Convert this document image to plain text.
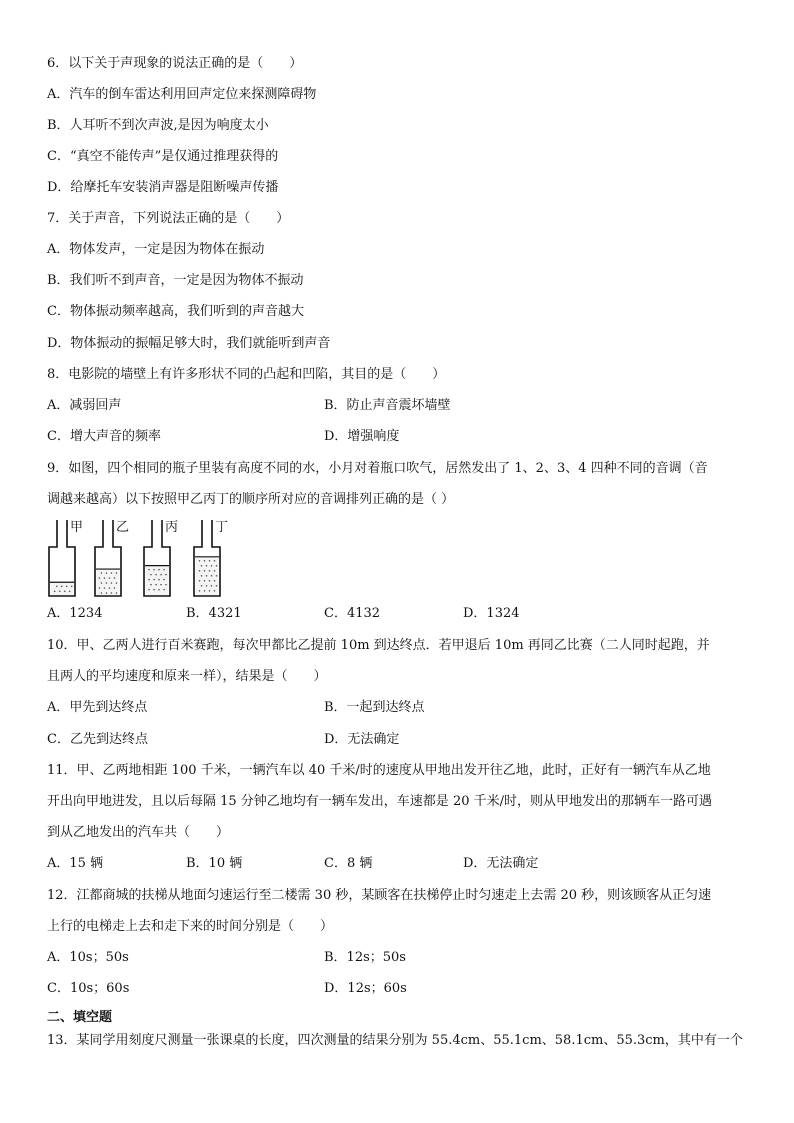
6．以下关于声现象的说法正确的是（　　）
A．汽车的倒车雷达利用回声定位来探测障碍物
B．人耳听不到次声波,是因为响度太小
C．“真空不能传声”是仅通过推理获得的
D．给摩托车安装消声器是阻断噪声传播
7．关于声音，下列说法正确的是（　　）
A．物体发声，一定是因为物体在振动
B．我们听不到声音，一定是因为物体不振动
C．物体振动频率越高，我们听到的声音越大
D．物体振动的振幅足够大时，我们就能听到声音
8．电影院的墙壁上有许多形状不同的凸起和凹陷，其目的是（　　）
A．减弱回声	B．防止声音震坏墙壁
C．增大声音的频率	D．增强响度
9．如图，四个相同的瓶子里装有高度不同的水，小月对着瓶口吹气，居然发出了 1、2、3、4 四种不同的音调（音
调越来越高）以下按照甲乙丙丁的顺序所对应的音调排列正确的是（ ）
甲	乙	丙	丁
A．1234	B．4321	C．4132	D．1324
10．甲、乙两人进行百米赛跑，每次甲都比乙提前 10m 到达终点．若甲退后 10m 再同乙比赛（二人同时起跑，并
且两人的平均速度和原来一样），结果是（　　）
A．甲先到达终点	B．一起到达终点
C．乙先到达终点	D．无法确定
11．甲、乙两地相距 100 千米，一辆汽车以 40 千米/时的速度从甲地出发开往乙地，此时，正好有一辆汽车从乙地
开出向甲地进发，且以后每隔 15 分钟乙地均有一辆车发出，车速都是 20 千米/时，则从甲地发出的那辆车一路可遇
到从乙地发出的汽车共（　　）
A．15 辆	B．10 辆	C．8 辆	D．无法确定
12．江都商城的扶梯从地面匀速运行至二楼需 30 秒，某顾客在扶梯停止时匀速走上去需 20 秒，则该顾客从正匀速
上行的电梯走上去和走下来的时间分别是（　　）
A．10s；50s	B．12s；50s
C．10s；60s	D．12s；60s
二、填空题
13．某同学用刻度尺测量一张课桌的长度，四次测量的结果分别为 55.4cm、55.1cm、58.1cm、55.3cm，其中有一个
